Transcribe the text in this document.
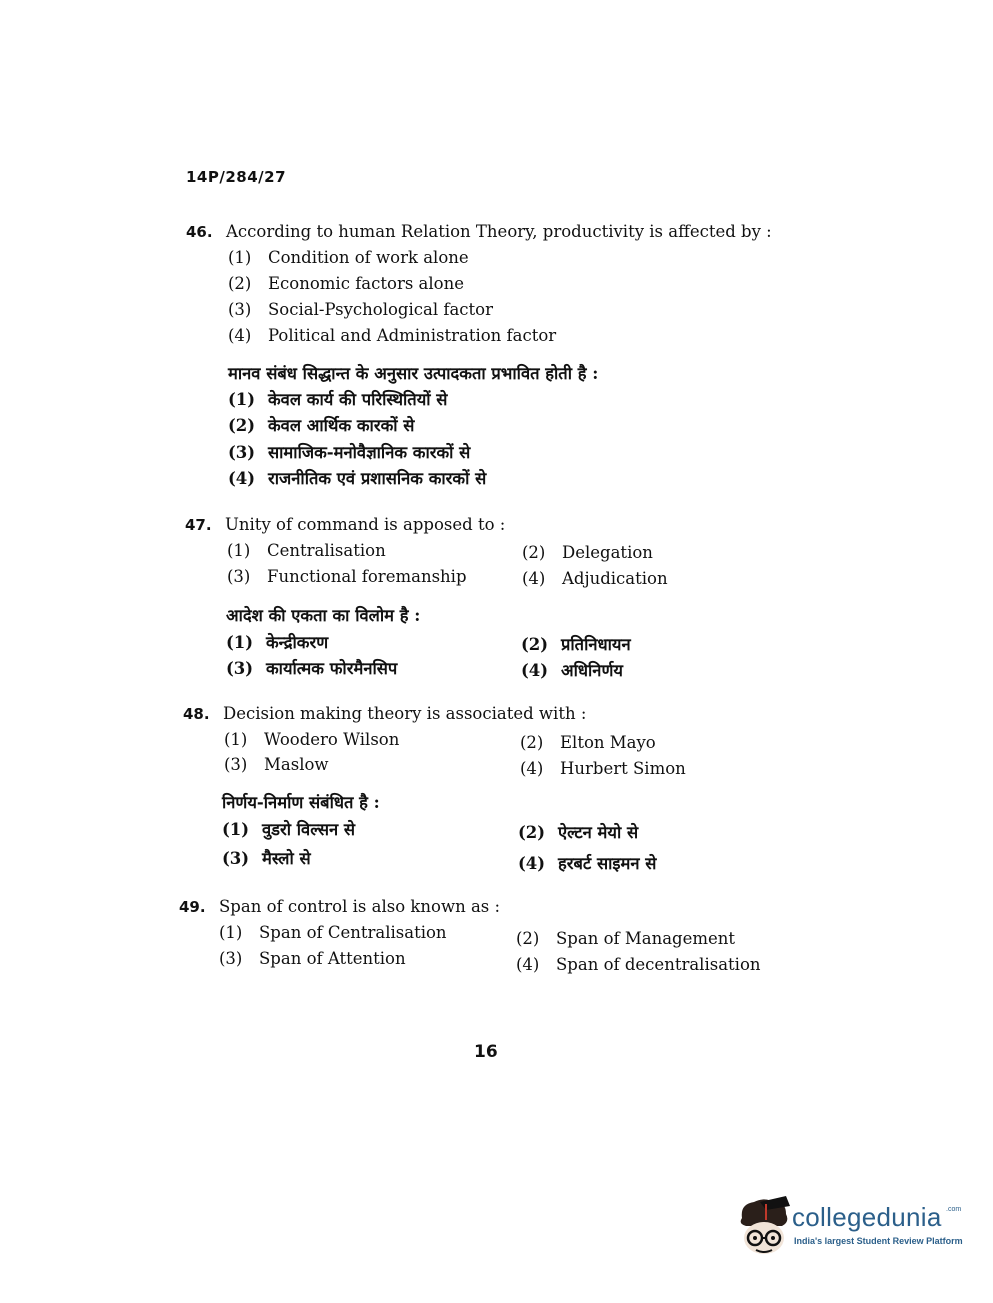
14P/284/27
46. According to human Relation Theory, productivity is affected by :
(1) Condition of work alone
(2) Economic factors alone
(3) Social-Psychological factor
(4) Political and Administration factor
मानव संबंध सिद्धान्त के अनुसार उत्पादकता प्रभावित होती है :
(1) केवल कार्य की परिस्थितियों से
(2) केवल आर्थिक कारकों से
(3) सामाजिक-मनोवैज्ञानिक कारकों से
(4) राजनीतिक एवं प्रशासनिक कारकों से
47. Unity of command is apposed to :
(1) Centralisation	(2) Delegation
(3) Functional foremanship	(4) Adjudication
आदेश की एकता का विलोम है :
(1) केन्द्रीकरण	(2) प्रतिनिधायन
(3) कार्यात्मक फोरमैनसिप	(4) अधिनिर्णय
48. Decision making theory is associated with :
(1) Woodero Wilson	(2) Elton Mayo
(3) Maslow	(4) Hurbert Simon
निर्णय-निर्माण संबंधित है :
(1) वुडरो विल्सन से	(2) ऐल्टन मेयो से
(3) मैस्लो से	(4) हरबर्ट साइमन से
49. Span of control is also known as :
(1) Span of Centralisation	(2) Span of Management
(3) Span of Attention	(4) Span of decentralisation
16
collegedunia .com
India's largest Student Review Platform
